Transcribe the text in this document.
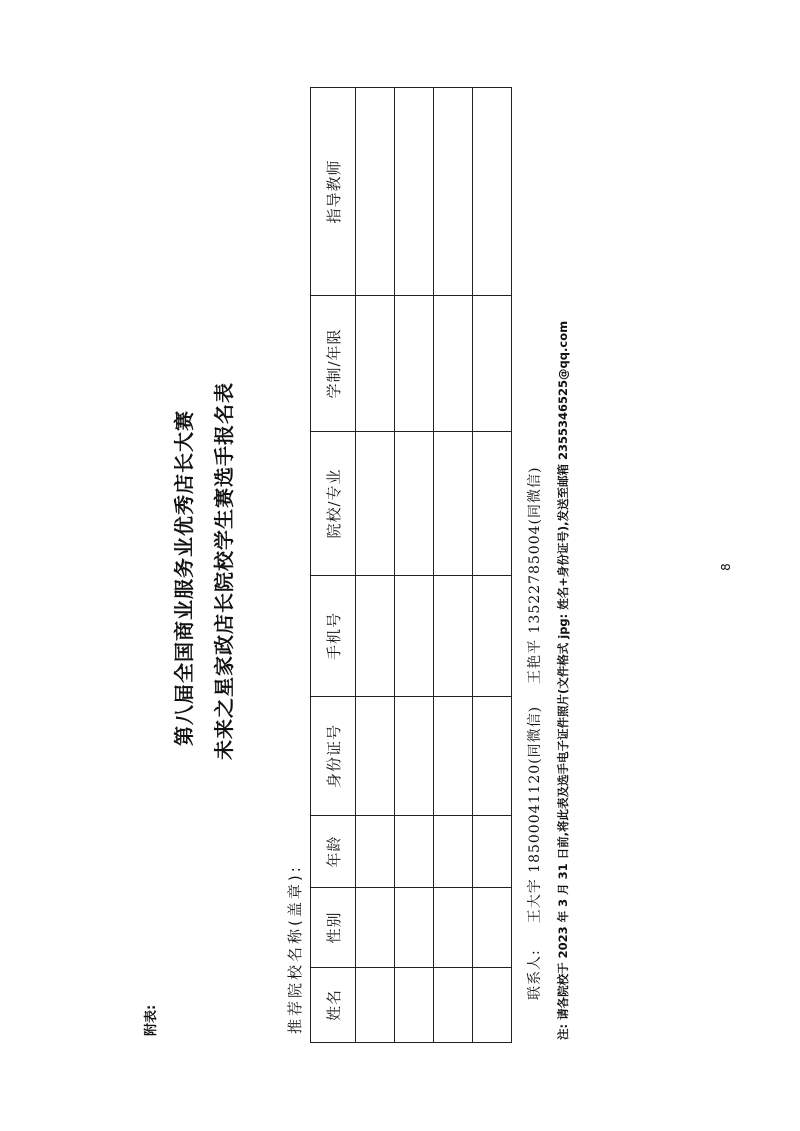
附表:
第八届全国商业服务业优秀店长大赛 未来之星家政店长院校学生赛选手报名表
推荐院校名称(盖章): 姓名	性别	年龄	身份证号	手机号	院校/专业	学制/年限	指导教师

联系人:王大宇 18500041120(同微信)王艳平 13522785004(同微信) 注: 请各院校于 2023 年 3 月 31 日前,将此表及选手电子证件照片(文件格式 jpg: 姓名+身份证号),发送至邮箱 2355346525@qq.com	8
